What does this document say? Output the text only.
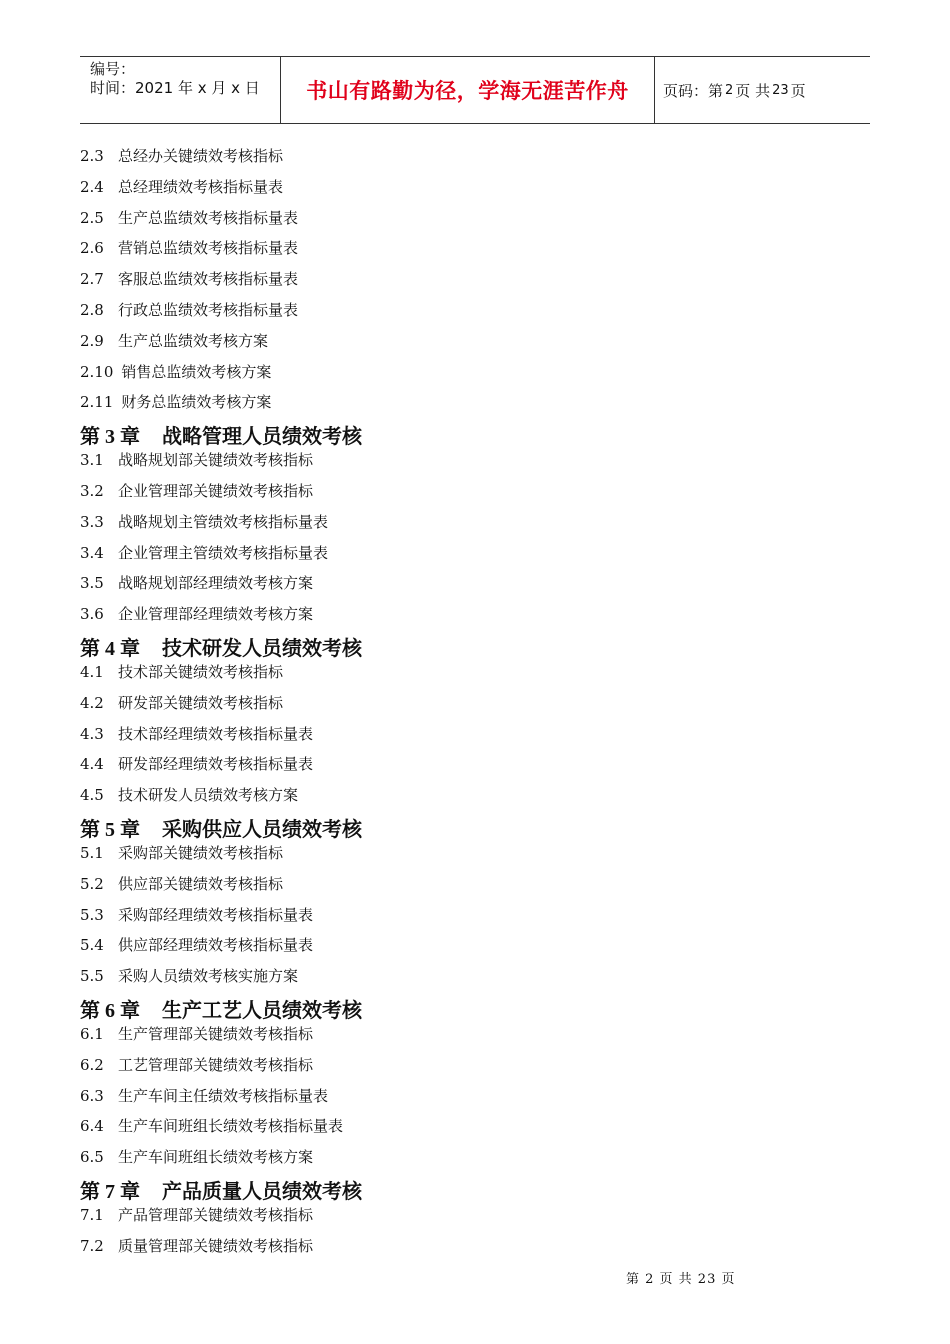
编号：
时间：2021 年 x 月 x 日	书山有路勤为径，学海无涯苦作舟	页码：第 2 页 共 23 页
2.3 总经办关键绩效考核指标
2.4 总经理绩效考核指标量表
2.5 生产总监绩效考核指标量表
2.6 营销总监绩效考核指标量表
2.7 客服总监绩效考核指标量表
2.8 行政总监绩效考核指标量表
2.9 生产总监绩效考核方案
2.10 销售总监绩效考核方案
2.11 财务总监绩效考核方案
第 3 章 战略管理人员绩效考核
3.1 战略规划部关键绩效考核指标
3.2 企业管理部关键绩效考核指标
3.3 战略规划主管绩效考核指标量表
3.4 企业管理主管绩效考核指标量表
3.5 战略规划部经理绩效考核方案
3.6 企业管理部经理绩效考核方案
第 4 章 技术研发人员绩效考核
4.1 技术部关键绩效考核指标
4.2 研发部关键绩效考核指标
4.3 技术部经理绩效考核指标量表
4.4 研发部经理绩效考核指标量表
4.5 技术研发人员绩效考核方案
第 5 章 采购供应人员绩效考核
5.1 采购部关键绩效考核指标
5.2 供应部关键绩效考核指标
5.3 采购部经理绩效考核指标量表
5.4 供应部经理绩效考核指标量表
5.5 采购人员绩效考核实施方案
第 6 章 生产工艺人员绩效考核
6.1 生产管理部关键绩效考核指标
6.2 工艺管理部关键绩效考核指标
6.3 生产车间主任绩效考核指标量表
6.4 生产车间班组长绩效考核指标量表
6.5 生产车间班组长绩效考核方案
第 7 章 产品质量人员绩效考核
7.1 产品管理部关键绩效考核指标
7.2 质量管理部关键绩效考核指标
第 2 页 共 23 页
